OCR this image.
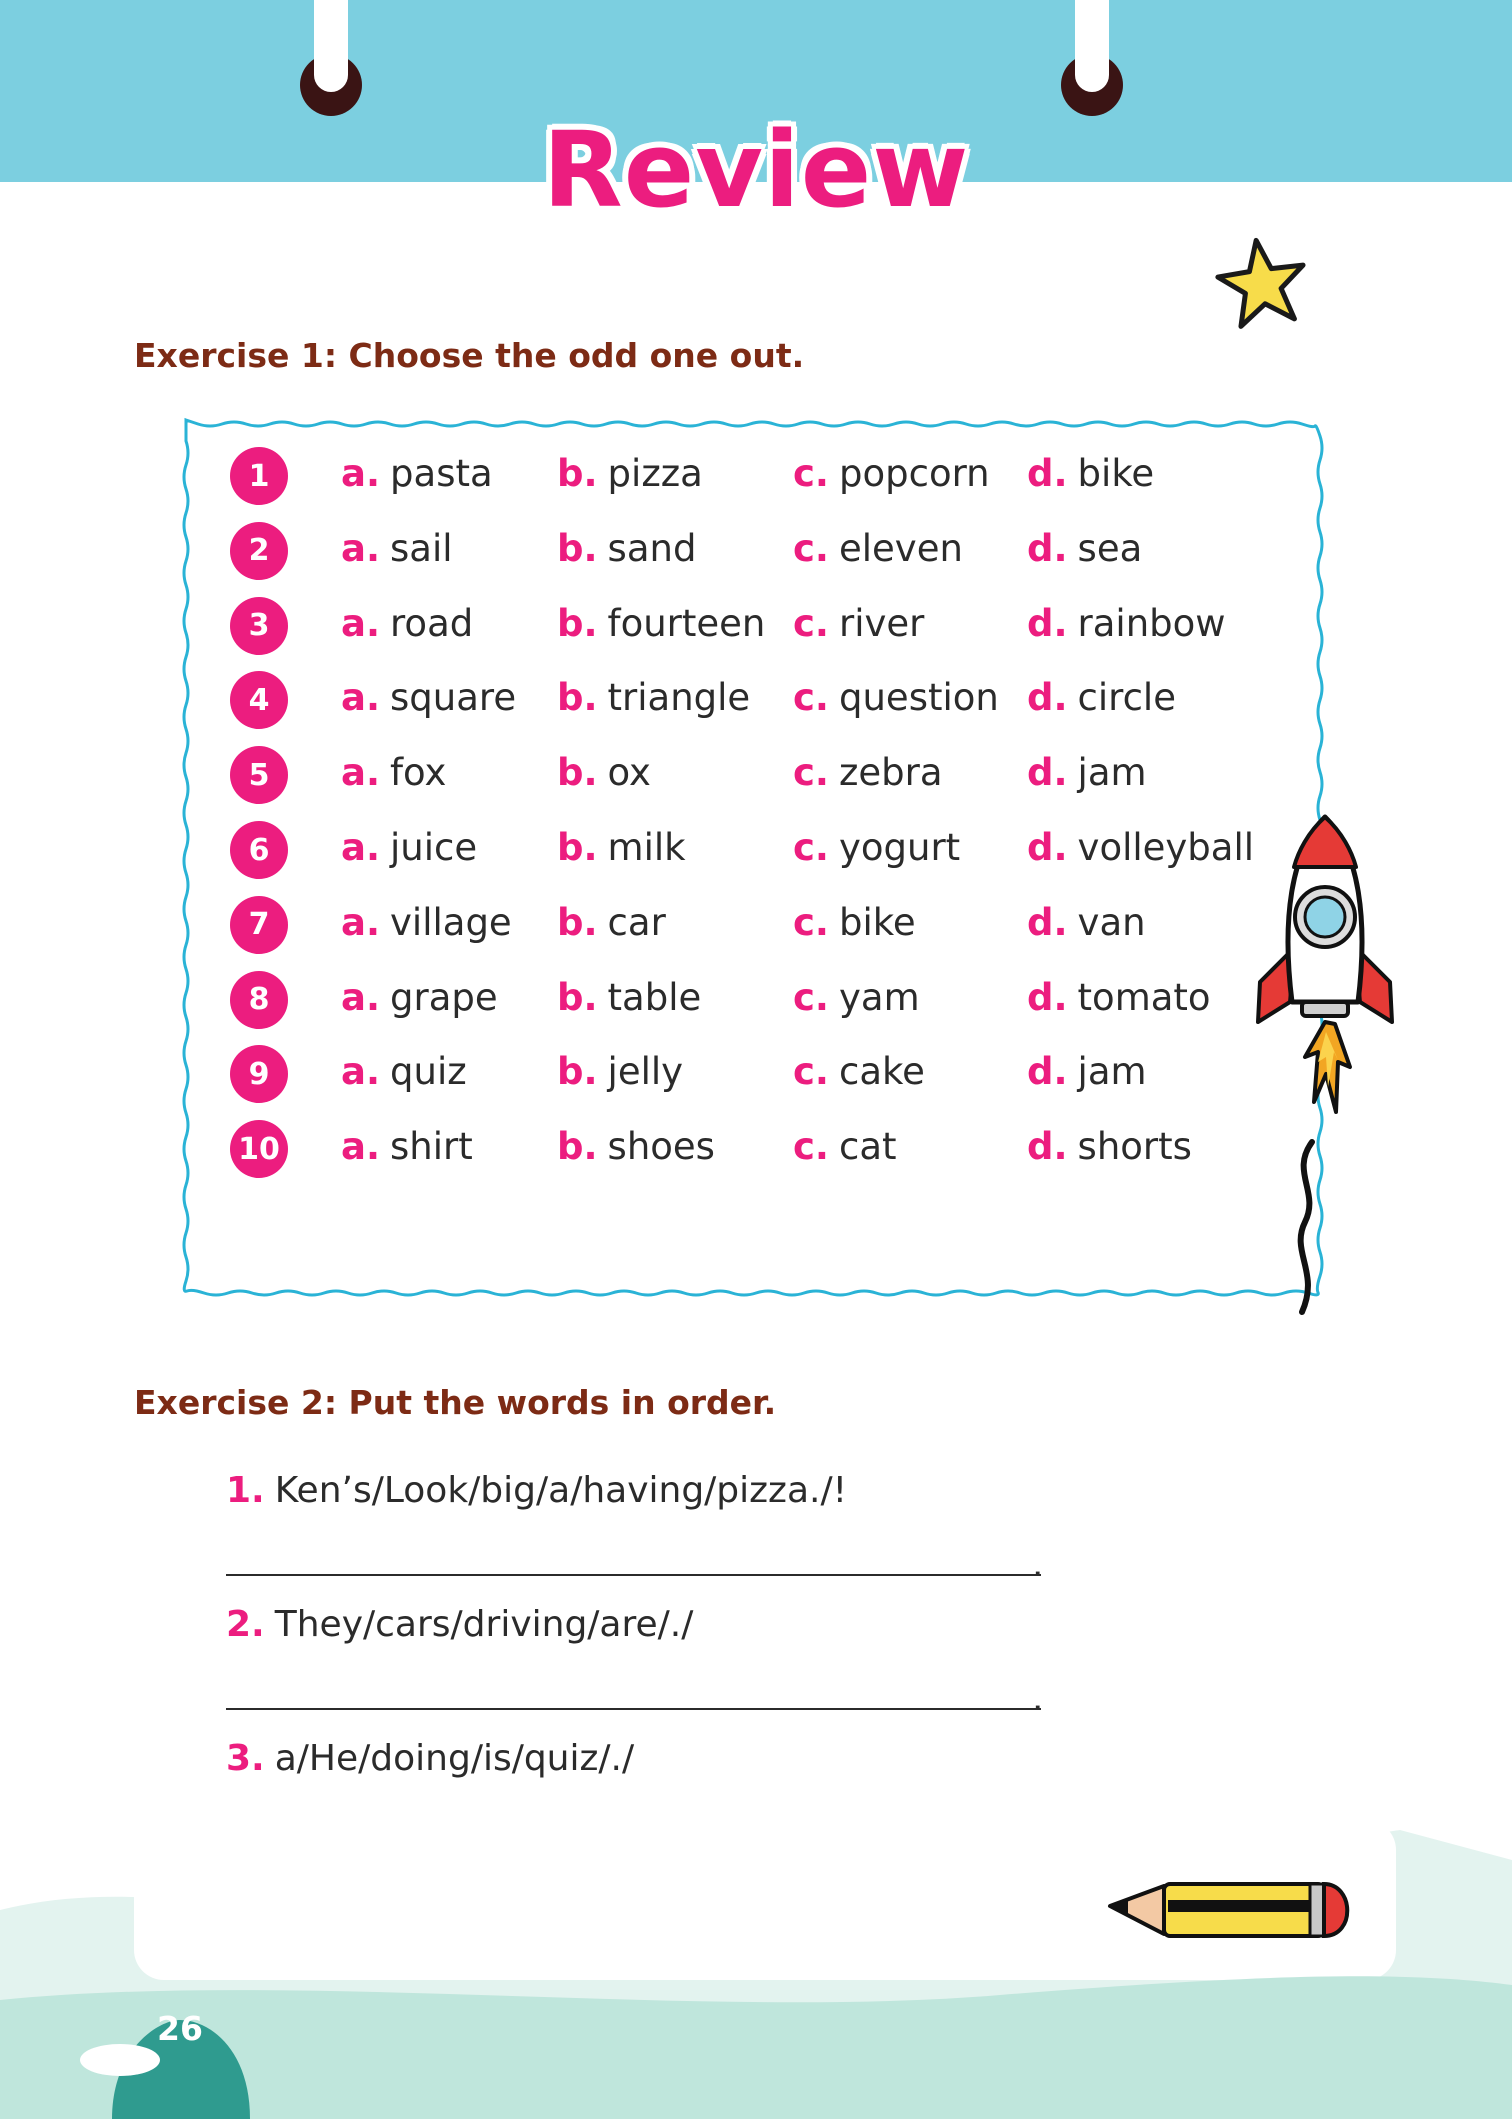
Review
Exercise 1: Choose the odd one out.
1	a. pasta b. pizza c. popcorn d. bike
2	a. sail	b. sand	c. eleven d. sea
3	a. road b. fourteen c. river	d. rainbow
4	a. square b. triangle c. question d. circle
5	a. fox	b. ox	c. zebra d. jam
6	a. juice b. milk	c. yogurt d. volleyball
7	a. village b. car	c. bike	d. van
8	a. grape b. table c. yam	d. tomato
9	a. quiz b. jelly	c. cake	d. jam
10 a. shirt b. shoes c. cat	d. shorts
Exercise 2: Put the words in order.
1. Ken’s/Look/big/a/having/pizza./!
.
2. They/cars/driving/are/./
.
3. a/He/doing/is/quiz/./
26
